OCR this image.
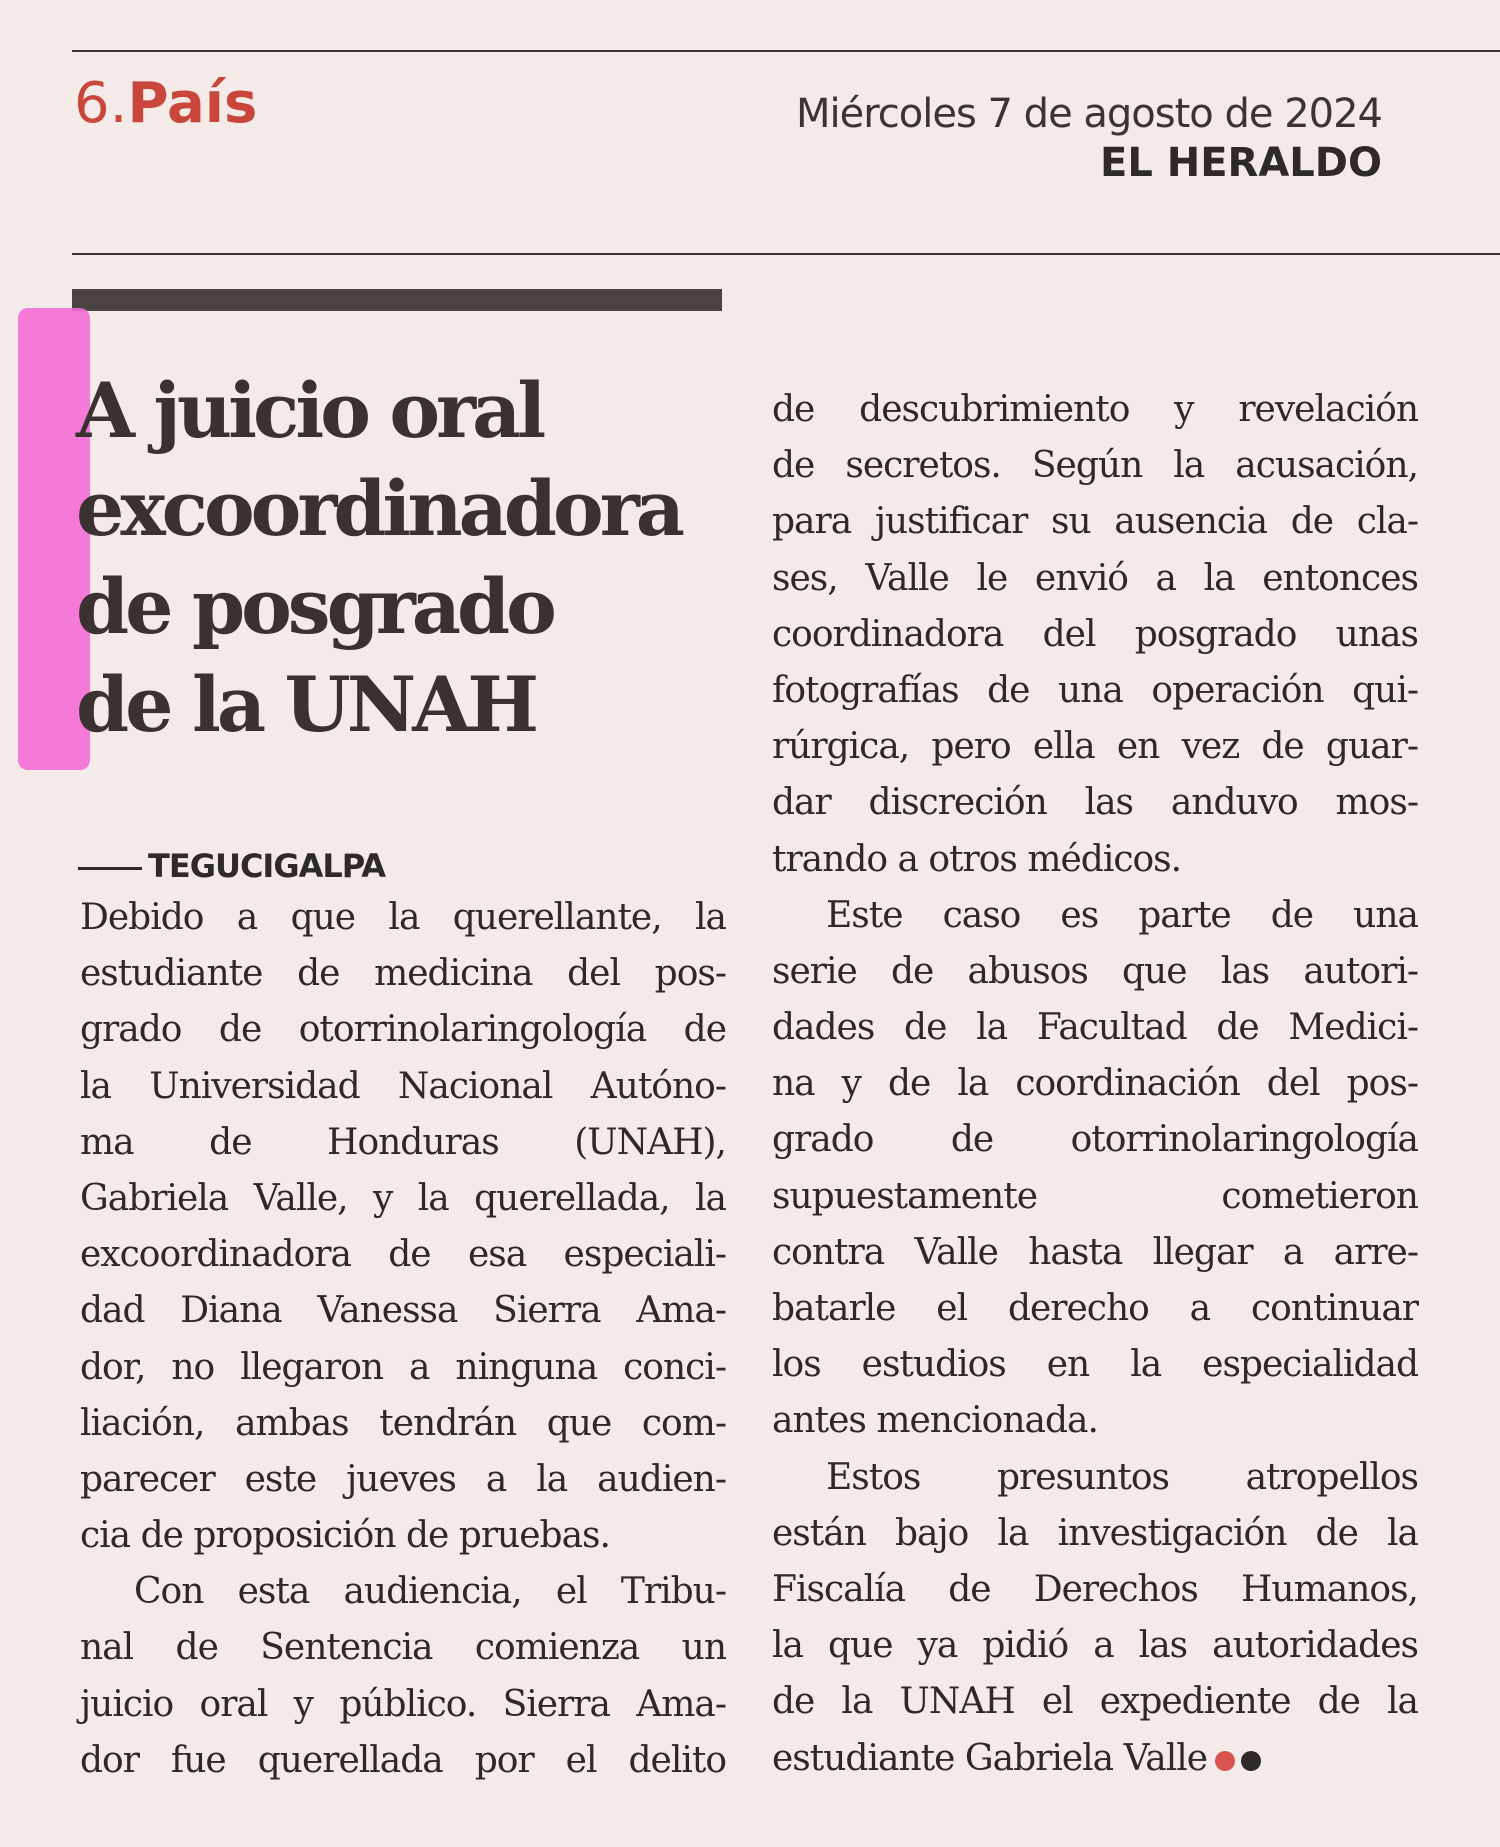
6.País	Miércoles 7 de agosto de 2024
EL HERALDO
A juicio oral
excoordinadora
de posgrado
de la UNAH
TEGUCIGALPA
Debido a que la querellante, la
estudiante de medicina del pos-
grado de otorrinolaringología de
la Universidad Nacional Autóno-
ma de Honduras (UNAH),
Gabriela Valle, y la querellada, la
excoordinadora de esa especiali-
dad Diana Vanessa Sierra Ama-
dor, no llegaron a ninguna conci-
liación, ambas tendrán que com-
parecer este jueves a la audien-
cia de proposición de pruebas.
Con esta audiencia, el Tribu-
nal de Sentencia comienza un
juicio oral y público. Sierra Ama-
dor fue querellada por el delito
de descubrimiento y revelación
de secretos. Según la acusación,
para justificar su ausencia de cla-
ses, Valle le envió a la entonces
coordinadora del posgrado unas
fotografías de una operación qui-
rúrgica, pero ella en vez de guar-
dar discreción las anduvo mos-
trando a otros médicos.
Este caso es parte de una
serie de abusos que las autori-
dades de la Facultad de Medici-
na y de la coordinación del pos-
grado de otorrinolaringología
supuestamente cometieron
contra Valle hasta llegar a arre-
batarle el derecho a continuar
los estudios en la especialidad
antes mencionada.
Estos presuntos atropellos
están bajo la investigación de la
Fiscalía de Derechos Humanos,
la que ya pidió a las autoridades
de la UNAH el expediente de la
estudiante Gabriela Valle
